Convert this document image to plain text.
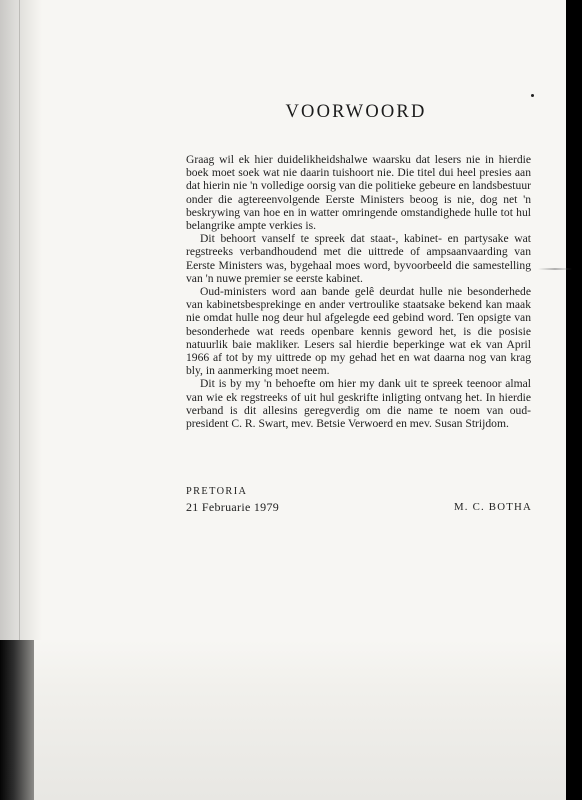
VOORWOORD

Graag wil ek hier duidelikheidshalwe waarsku dat lesers nie in hierdie boek moet soek wat nie daarin tuishoort nie. Die titel dui heel presies aan dat hierin nie 'n volledige oorsig van die politieke gebeure en landsbestuur onder die agtereenvolgende Eerste Ministers beoog is nie, dog net 'n beskrywing van hoe en in watter omringende omstandighede hulle tot hul belangrike ampte verkies is.

Dit behoort vanself te spreek dat staat-, kabinet- en partysake wat regstreeks verbandhoudend met die uittrede of ampsaanvaarding van Eerste Ministers was, bygehaal moes word, byvoorbeeld die samestelling van 'n nuwe premier se eerste kabinet.

Oud-ministers word aan bande gelê deurdat hulle nie besonderhede van kabinetsbesprekinge en ander vertroulike staatsake bekend kan maak nie omdat hulle nog deur hul afgelegde eed gebind word. Ten opsigte van besonderhede wat reeds openbare kennis geword het, is die posisie natuurlik baie makliker. Lesers sal hierdie beperkinge wat ek van April 1966 af tot by my uittrede op my gehad het en wat daarna nog van krag bly, in aanmerking moet neem.

Dit is by my 'n behoefte om hier my dank uit te spreek teenoor almal van wie ek regstreeks of uit hul geskrifte inligting ontvang het. In hierdie verband is dit allesins geregverdig om die name te noem van oud-president C. R. Swart, mev. Betsie Verwoerd en mev. Susan Strijdom.

PRETORIA
21 Februarie 1979	M. C. BOTHA
